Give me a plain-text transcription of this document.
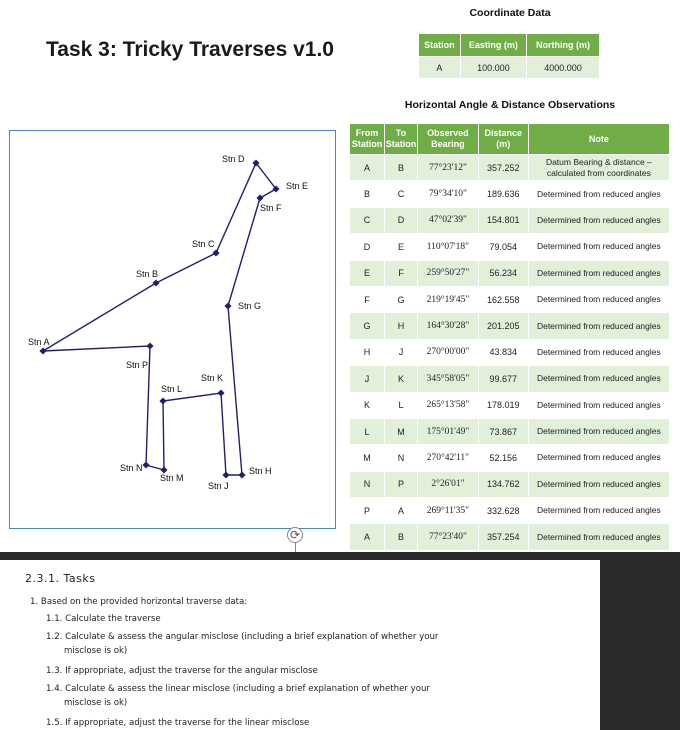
Task 3: Tricky Traverses v1.0
Coordinate Data
Station	Easting (m)	Northing (m)
A	100.000	4000.000
Horizontal Angle & Distance Observations
From Station	To Station	Observed Bearing	Distance (m)	Note
A	B	77°23'12"	357.252	Datum Bearing & distance – calculated from coordinates
B	C	79°34'10"	189.636	Determined from reduced angles
C	D	47°02'39"	154.801	Determined from reduced angles
D	E	110°07'18"	79.054	Determined from reduced angles
E	F	259°50'27"	56.234	Determined from reduced angles
F	G	219°19'45"	162.558	Determined from reduced angles
G	H	164°30'28"	201.205	Determined from reduced angles
H	J	270°00'00"	43.834	Determined from reduced angles
J	K	345°58'05"	99.677	Determined from reduced angles
K	L	265°13'58"	178.019	Determined from reduced angles
L	M	175°01'49"	73.867	Determined from reduced angles
M	N	270°42'11"	52.156	Determined from reduced angles
N	P	2°26'01"	134.762	Determined from reduced angles
P	A	269°11'35"	332.628	Determined from reduced angles
A	B	77°23'40"	357.254	Determined from reduced angles
Stn A
Stn B
Stn C
Stn D
Stn E
Stn F
Stn G
Stn H
Stn J
Stn K
Stn L
Stn M
Stn N
Stn P
⟳
2.3.1. Tasks
1. Based on the provided horizontal traverse data:
1.1. Calculate the traverse
1.2. Calculate & assess the angular misclose (including a brief explanation of whether your
misclose is ok)
1.3. If appropriate, adjust the traverse for the angular misclose
1.4. Calculate & assess the linear misclose (including a brief explanation of whether your
misclose is ok)
1.5. If appropriate, adjust the traverse for the linear misclose
